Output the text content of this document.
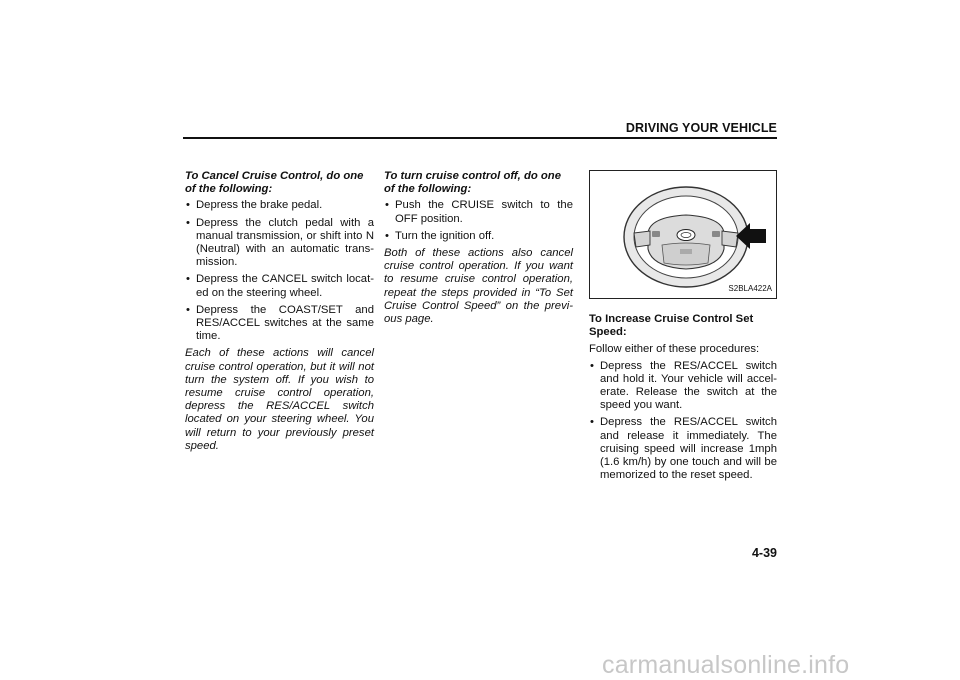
DRIVING YOUR VEHICLE
To Cancel Cruise Control, do one of the following:
• Depress the brake pedal.
• Depress the clutch pedal with a manual transmission, or shift into N (Neutral) with an automatic trans-mission.
• Depress the CANCEL switch locat-ed on the steering wheel.
• Depress the COAST/SET and RES/ACCEL switches at the same time.
Each of these actions will cancel cruise control operation, but it will not turn the system off. If you wish to resume cruise control operation, depress the RES/ACCEL switch located on your steering wheel. You will return to your previously preset speed.
To turn cruise control off, do one of the following:
• Push the CRUISE switch to the OFF position.
• Turn the ignition off.
Both of these actions also cancel cruise control operation. If you want to resume cruise control operation, repeat the steps provided in “To Set Cruise Control Speed” on the previ-ous page.
S2BLA422A
To Increase Cruise Control Set Speed:
Follow either of these procedures:
• Depress the RES/ACCEL switch and hold it. Your vehicle will accel-erate. Release the switch at the speed you want.
• Depress the RES/ACCEL switch and release it immediately. The cruising speed will increase 1mph (1.6 km/h) by one touch and will be memorized to the reset speed.
4-39
carmanualsonline.info
